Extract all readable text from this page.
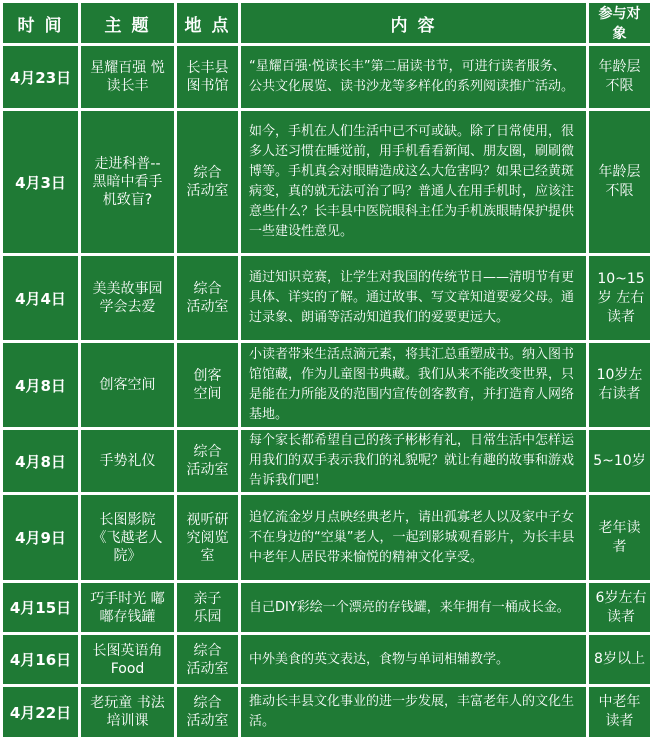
时 间	主 题	地 点	内 容	参与对象
4月23日	星耀百强 悦读长丰	长丰县 图书馆	“星耀百强·悦读长丰”第二届读书节，可进行读者服务、公共文化展览、读书沙龙等多样化的系列阅读推广活动。	年龄层 不限
4月3日	走进科普--黑暗中看手机致盲?	综合 活动室	如今，手机在人们生活中已不可或缺。除了日常使用，很多人还习惯在睡觉前，用手机看看新闻、朋友圈，刷刷微博等。手机真会对眼睛造成这么大危害吗？如果已经黄斑病变，真的就无法可治了吗？普通人在用手机时，应该注意些什么？长丰县中医院眼科主任为手机族眼睛保护提供一些建设性意见。	年龄层 不限
4月4日	美美故事园 学会去爱	综合 活动室	通过知识竞赛，让学生对我国的传统节日——清明节有更具体、详实的了解。通过故事、写文章知道要爱父母。通过录象、朗诵等活动知道我们的爱要更远大。	10~15岁 左右读者
4月8日	创客空间	创客 空间	小读者带来生活点滴元素，将其汇总重塑成书。纳入图书馆馆藏，作为儿童图书典藏。我们从来不能改变世界，只是能在力所能及的范围内宣传创客教育，并打造育人网络基地。	10岁左 右读者
4月8日	手势礼仪	综合 活动室	每个家长都希望自己的孩子彬彬有礼，日常生活中怎样运用我们的双手表示我们的礼貌呢？就让有趣的故事和游戏告诉我们吧！	5~10岁
4月9日	长图影院 《飞越老人院》	视听研 究阅览 室	追忆流金岁月点映经典老片，请出孤寡老人以及家中子女不在身边的“空巢”老人，一起到影城观看影片，为长丰县中老年人居民带来愉悦的精神文化享受。	老年读者
4月15日	巧手时光 嘟嘟存钱罐	亲子 乐园	自己DIY彩绘一个漂亮的存钱罐，来年拥有一桶成长金。	6岁左右 读者
4月16日	长图英语角 Food	综合 活动室	中外美食的英文表达，食物与单词相辅教学。	8岁以上
4月22日	老玩童 书法培训课	综合 活动室	推动长丰县文化事业的进一步发展，丰富老年人的文化生活。	中老年 读者
